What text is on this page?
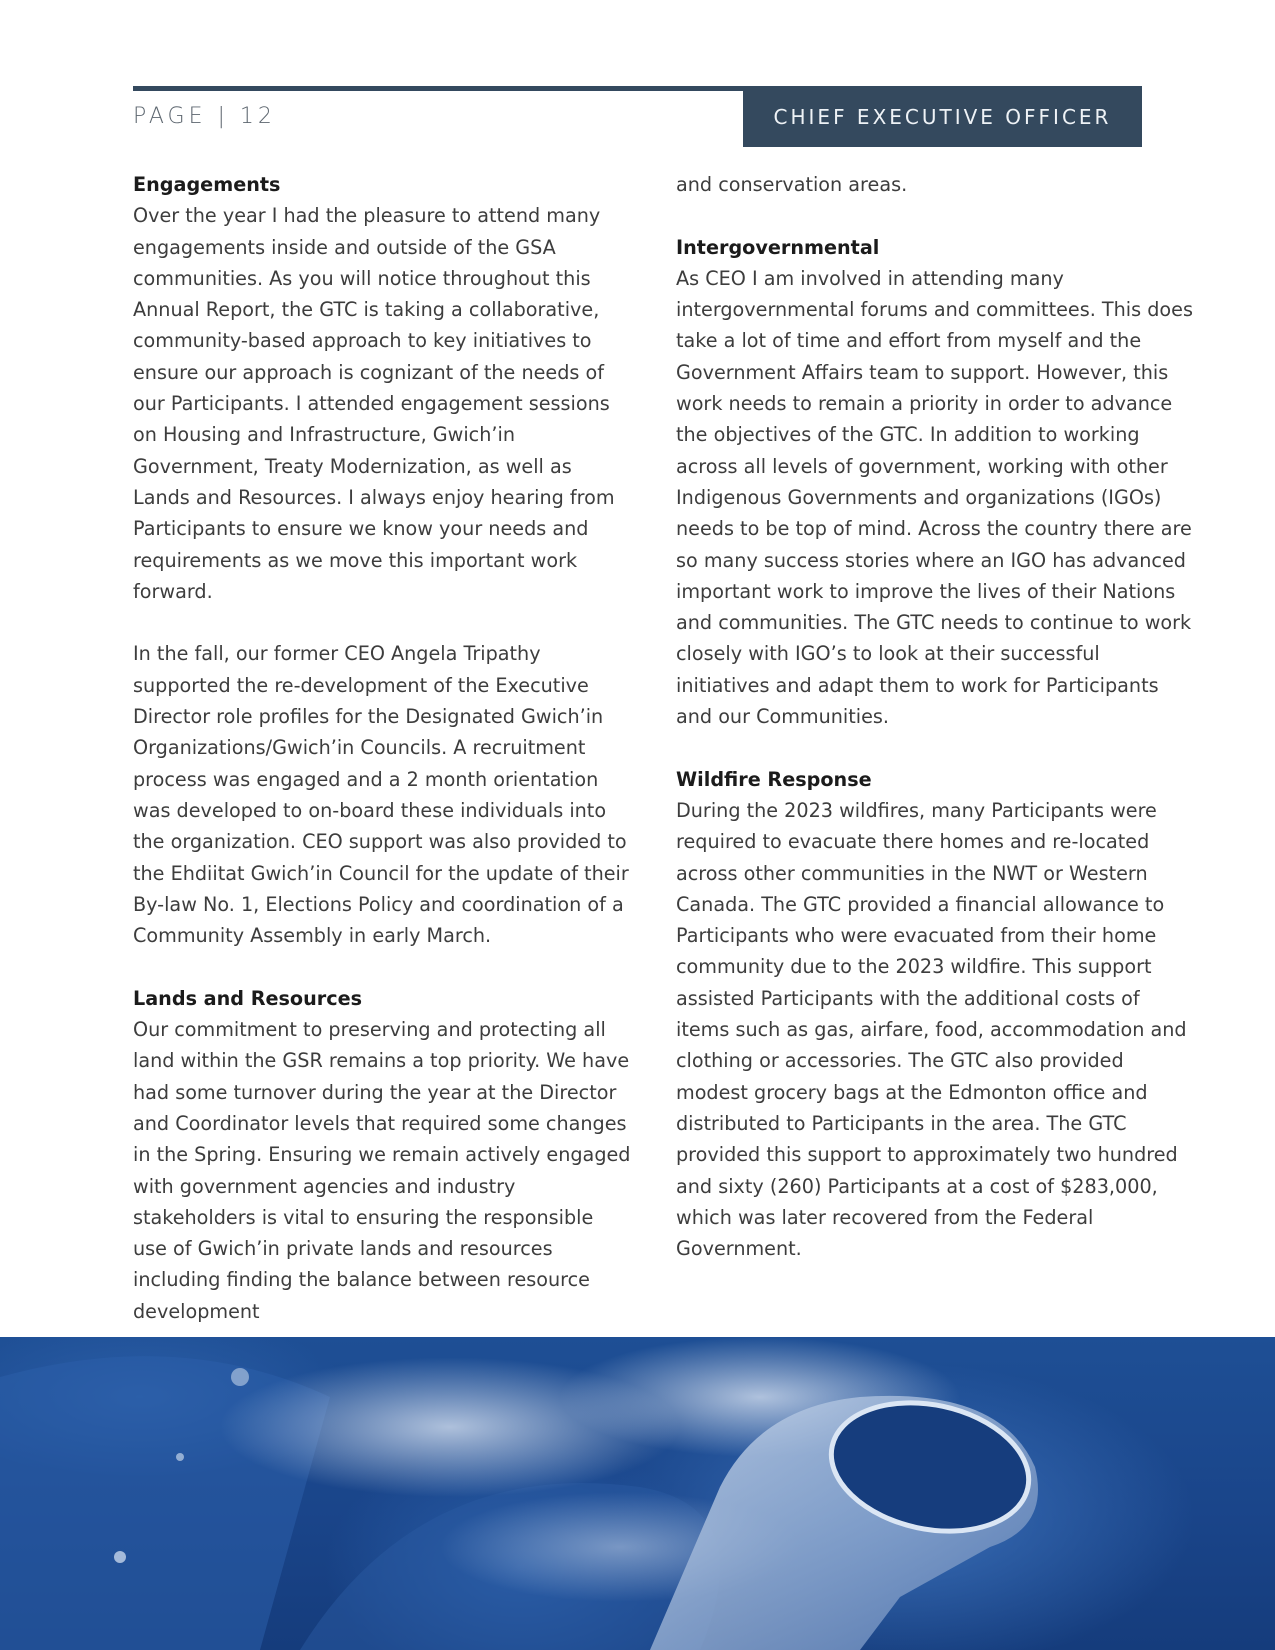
PAGE | 12	CHIEF EXECUTIVE OFFICER
Engagements

Over the year I had the pleasure to attend many engagements inside and outside of the GSA communities. As you will notice throughout this Annual Report, the GTC is taking a collaborative, community-based approach to key initiatives to ensure our approach is cognizant of the needs of our Participants. I attended engagement sessions on Housing and Infrastructure, Gwich’in Government, Treaty Modernization, as well as Lands and Resources. I always enjoy hearing from Participants to ensure we know your needs and requirements as we move this important work forward.

In the fall, our former CEO Angela Tripathy supported the re-development of the Executive Director role profiles for the Designated Gwich’in Organizations/Gwich’in Councils. A recruitment process was engaged and a 2 month orientation was developed to on-board these individuals into the organization. CEO support was also provided to the Ehdiitat Gwich’in Council for the update of their By-law No. 1, Elections Policy and coordination of a Community Assembly in early March.

Lands and Resources

Our commitment to preserving and protecting all land within the GSR remains a top priority. We have had some turnover during the year at the Director and Coordinator levels that required some changes in the Spring. Ensuring we remain actively engaged with government agencies and industry stakeholders is vital to ensuring the responsible use of Gwich’in private lands and resources including finding the balance between resource development

and conservation areas.

Intergovernmental

As CEO I am involved in attending many intergovernmental forums and committees. This does take a lot of time and effort from myself and the Government Affairs team to support. However, this work needs to remain a priority in order to advance the objectives of the GTC. In addition to working across all levels of government, working with other Indigenous Governments and organizations (IGOs) needs to be top of mind. Across the country there are so many success stories where an IGO has advanced important work to improve the lives of their Nations and communities. The GTC needs to continue to work closely with IGO’s to look at their successful initiatives and adapt them to work for Participants and our Communities.

Wildfire Response

During the 2023 wildfires, many Participants were required to evacuate there homes and re-located across other communities in the NWT or Western Canada. The GTC provided a financial allowance to Participants who were evacuated from their home community due to the 2023 wildfire. This support assisted Participants with the additional costs of items such as gas, airfare, food, accommodation and clothing or accessories. The GTC also provided modest grocery bags at the Edmonton office and distributed to Participants in the area. The GTC provided this support to approximately two hundred and sixty (260) Participants at a cost of $283,000, which was later recovered from the Federal Government.
